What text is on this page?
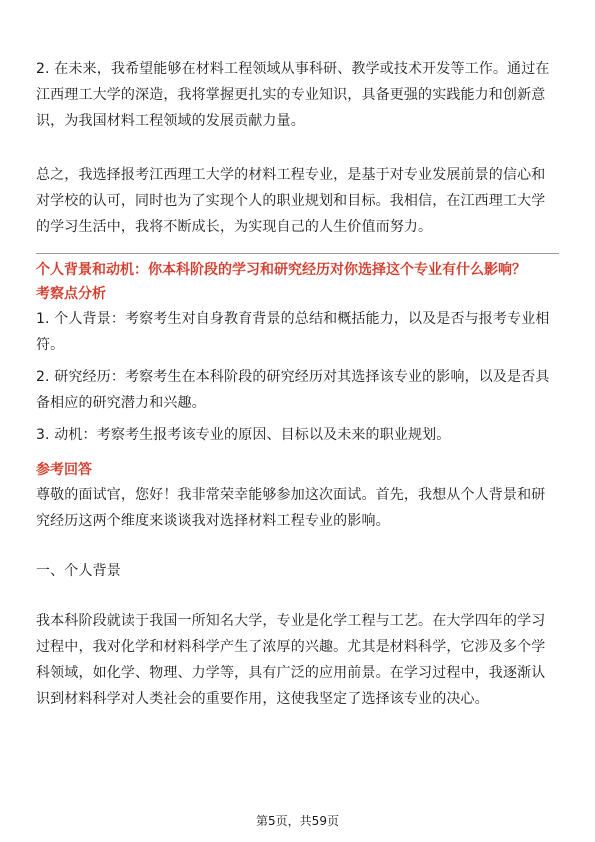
2. 在未来，我希望能够在材料工程领域从事科研、教学或技术开发等工作。通过在江西理工大学的深造，我将掌握更扎实的专业知识，具备更强的实践能力和创新意识，为我国材料工程领域的发展贡献力量。

总之，我选择报考江西理工大学的材料工程专业，是基于对专业发展前景的信心和对学校的认可，同时也为了实现个人的职业规划和目标。我相信，在江西理工大学的学习生活中，我将不断成长，为实现自己的人生价值而努力。

个人背景和动机：你本科阶段的学习和研究经历对你选择这个专业有什么影响？
考察点分析

1. 个人背景：考察考生对自身教育背景的总结和概括能力，以及是否与报考专业相符。

2. 研究经历：考察考生在本科阶段的研究经历对其选择该专业的影响，以及是否具备相应的研究潜力和兴趣。

3. 动机：考察考生报考该专业的原因、目标以及未来的职业规划。

参考回答

尊敬的面试官，您好！我非常荣幸能够参加这次面试。首先，我想从个人背景和研究经历这两个维度来谈谈我对选择材料工程专业的影响。

一、个人背景

我本科阶段就读于我国一所知名大学，专业是化学工程与工艺。在大学四年的学习过程中，我对化学和材料科学产生了浓厚的兴趣。尤其是材料科学，它涉及多个学科领域，如化学、物理、力学等，具有广泛的应用前景。在学习过程中，我逐渐认识到材料科学对人类社会的重要作用，这使我坚定了选择该专业的决心。

第5页，共59页
